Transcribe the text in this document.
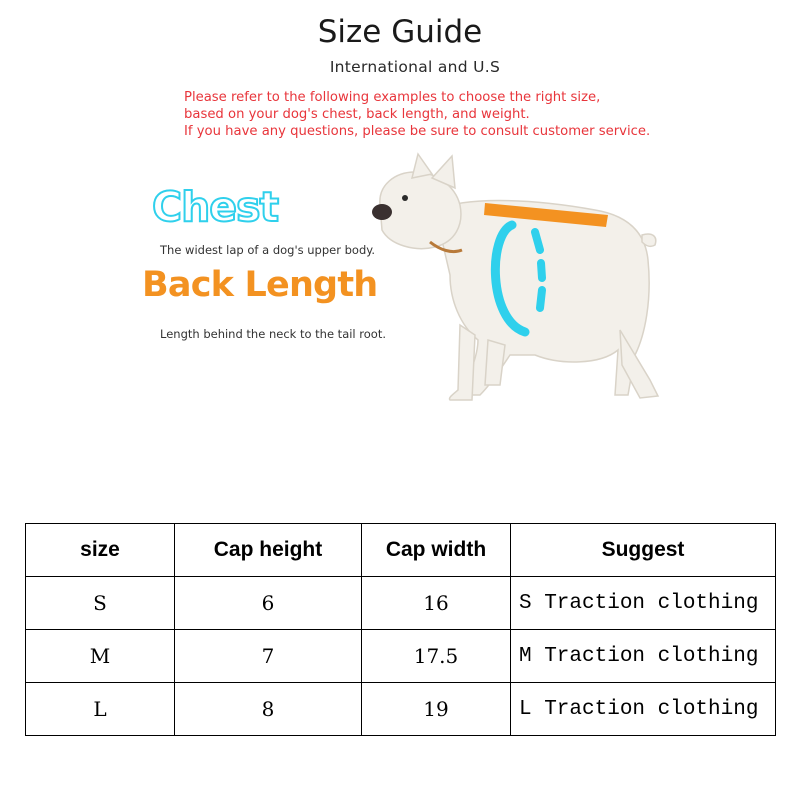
Size Guide
International and U.S
Please refer to the following examples to choose the right size,
based on your dog's chest, back length, and weight.
If you have any questions, please be sure to consult customer service.
Chest
The widest lap of a dog's upper body.
Back Length
Length behind the neck to the tail root.
size	Cap height	Cap width	Suggest
S	6	16	S Traction clothing
M	7	17.5	M Traction clothing
L	8	19	L Traction clothing
